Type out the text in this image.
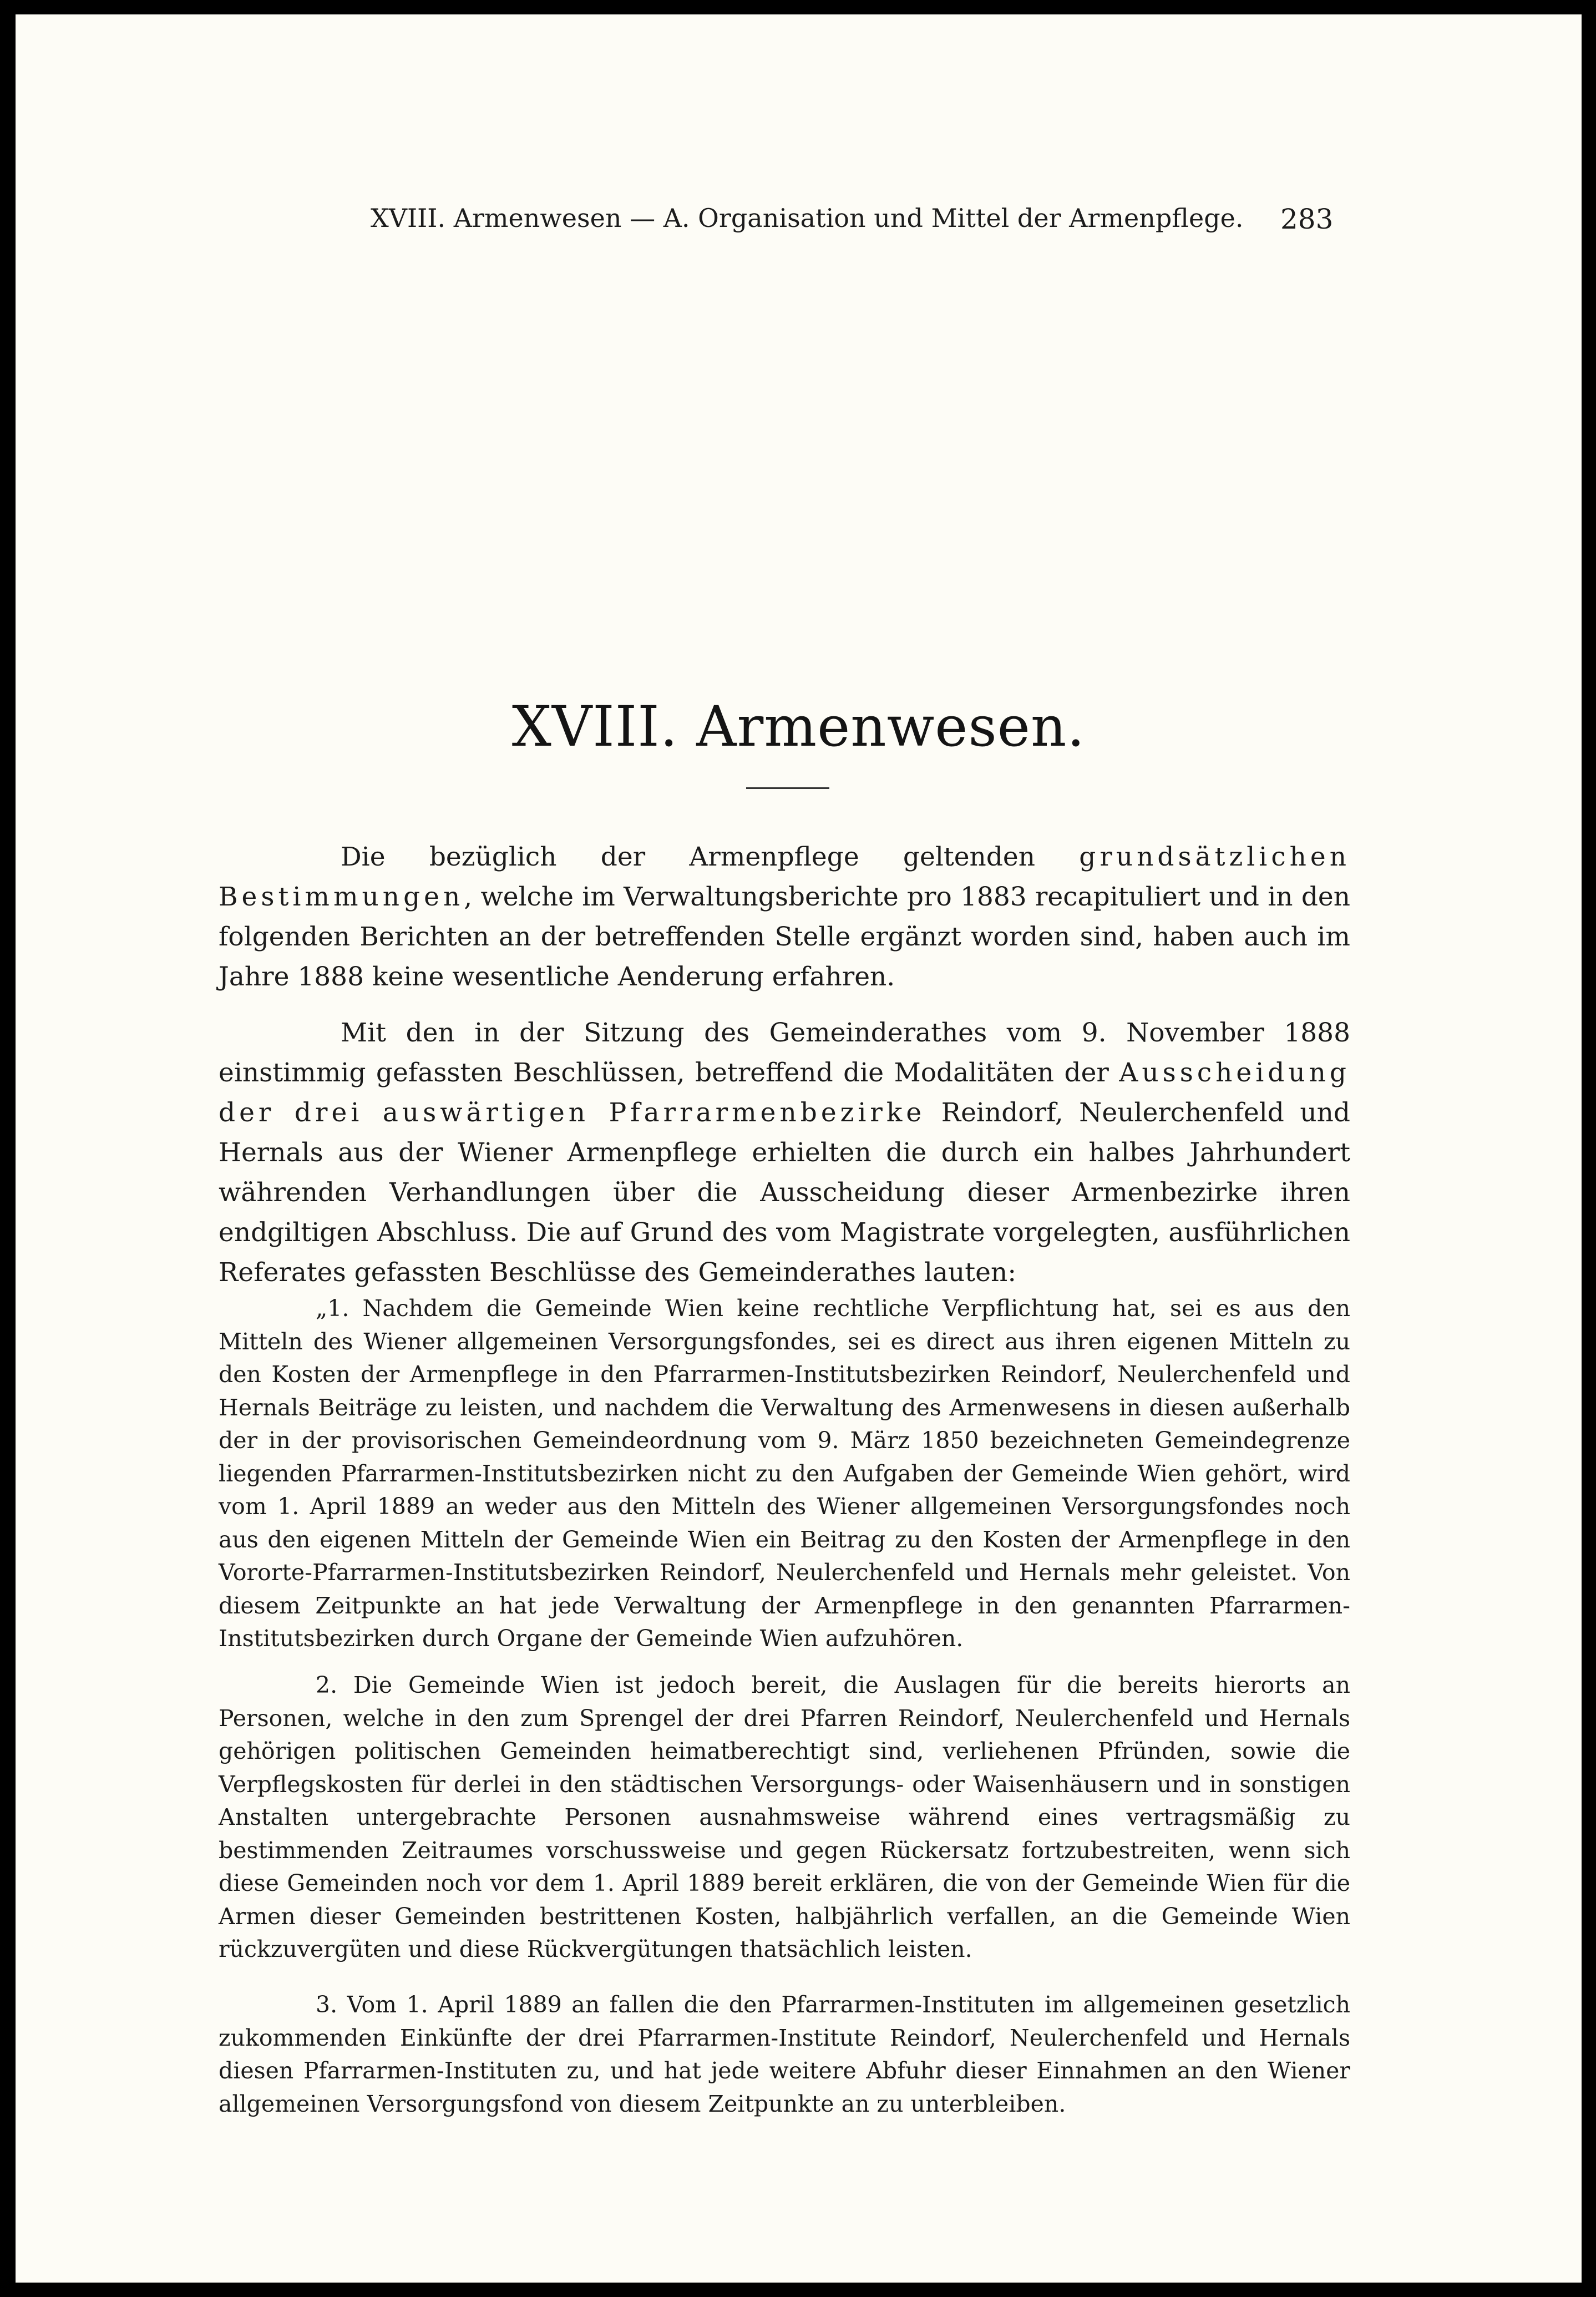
XVIII. Armenwesen — A. Organisation und Mittel der Armenpflege.	283
XVIII. Armenwesen.

Die bezüglich der Armenpflege geltenden grundsätzlichen Bestimmungen, welche im Verwaltungsberichte pro 1883 recapituliert und in den folgenden Berichten an der betreffenden Stelle ergänzt worden sind, haben auch im Jahre 1888 keine wesentliche Aenderung erfahren.

Mit den in der Sitzung des Gemeinderathes vom 9. November 1888 einstimmig gefassten Beschlüssen, betreffend die Modalitäten der Ausscheidung der drei auswärtigen Pfarrarmenbezirke Reindorf, Neulerchenfeld und Hernals aus der Wiener Armenpflege erhielten die durch ein halbes Jahrhundert währenden Verhandlungen über die Ausscheidung dieser Armenbezirke ihren endgiltigen Abschluss. Die auf Grund des vom Magistrate vorgelegten, ausführlichen Referates gefassten Beschlüsse des Gemeinderathes lauten:

„1. Nachdem die Gemeinde Wien keine rechtliche Verpflichtung hat, sei es aus den Mitteln des Wiener allgemeinen Versorgungsfondes, sei es direct aus ihren eigenen Mitteln zu den Kosten der Armenpflege in den Pfarrarmen-Institutsbezirken Reindorf, Neulerchenfeld und Hernals Beiträge zu leisten, und nachdem die Verwaltung des Armenwesens in diesen außerhalb der in der provisorischen Gemeindeordnung vom 9. März 1850 bezeichneten Gemeindegrenze liegenden Pfarrarmen-Institutsbezirken nicht zu den Aufgaben der Gemeinde Wien gehört, wird vom 1. April 1889 an weder aus den Mitteln des Wiener allgemeinen Versorgungsfondes noch aus den eigenen Mitteln der Gemeinde Wien ein Beitrag zu den Kosten der Armenpflege in den Vororte-Pfarrarmen-Institutsbezirken Reindorf, Neulerchenfeld und Hernals mehr geleistet. Von diesem Zeitpunkte an hat jede Verwaltung der Armenpflege in den genannten Pfarrarmen-Institutsbezirken durch Organe der Gemeinde Wien aufzuhören.

2. Die Gemeinde Wien ist jedoch bereit, die Auslagen für die bereits hierorts an Personen, welche in den zum Sprengel der drei Pfarren Reindorf, Neulerchenfeld und Hernals gehörigen politischen Gemeinden heimatberechtigt sind, verliehenen Pfründen, sowie die Verpflegskosten für derlei in den städtischen Versorgungs- oder Waisenhäusern und in sonstigen Anstalten untergebrachte Personen ausnahmsweise während eines vertragsmäßig zu bestimmenden Zeitraumes vorschussweise und gegen Rückersatz fortzubestreiten, wenn sich diese Gemeinden noch vor dem 1. April 1889 bereit erklären, die von der Gemeinde Wien für die Armen dieser Gemeinden bestrittenen Kosten, halbjährlich verfallen, an die Gemeinde Wien rückzuvergüten und diese Rückvergütungen thatsächlich leisten.

3. Vom 1. April 1889 an fallen die den Pfarrarmen-Instituten im allgemeinen gesetzlich zukommenden Einkünfte der drei Pfarrarmen-Institute Reindorf, Neulerchenfeld und Hernals diesen Pfarrarmen-Instituten zu, und hat jede weitere Abfuhr dieser Einnahmen an den Wiener allgemeinen Versorgungsfond von diesem Zeitpunkte an zu unterbleiben.
